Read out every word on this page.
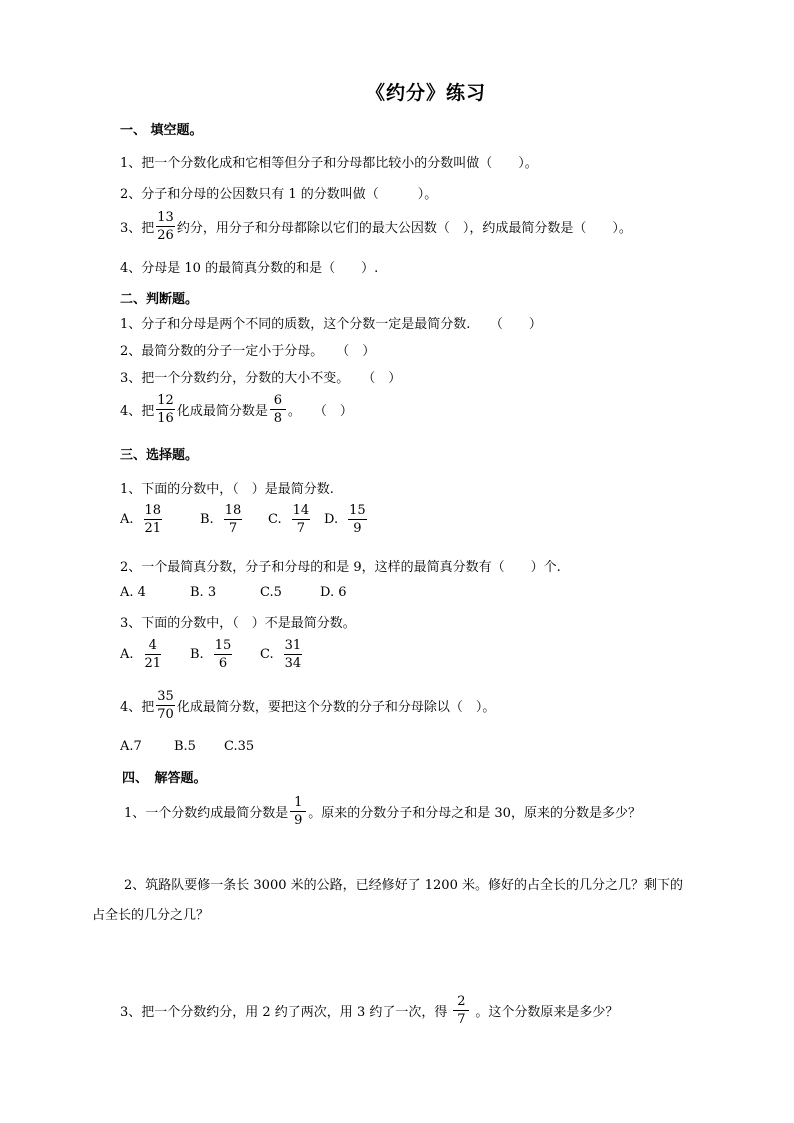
《约分》练习
一、 填空题。
1、把一个分数化成和它相等但分子和分母都比较小的分数叫做（　　）。
2、分子和分母的公因数只有 1 的分数叫做（　　　）。
3、把 $\frac{13}{26}$ 约分，用分子和分母都除以它们的最大公因数（　），约成最简分数是（　　）。
4、分母是 10 的最简真分数的和是（　　）.
二、判断题。
1、分子和分母是两个不同的质数，这个分数一定是最简分数.　　（　　）
2、最简分数的分子一定小于分母。　　（　）
3、把一个分数约分，分数的大小不变。　　（　）
4、把 $\frac{12}{16}$ 化成最简分数是 $\frac{6}{8}$ 。　　（　）
三、选择题。
1、下面的分数中，（　）是最简分数.
A. $\frac{18}{21}$	B. $\frac{18}{7} C$. $\frac{14}{7} D$. $\frac{15}{9}$
2、一个最简真分数，分子和分母的和是 9，这样的最简真分数有（　　）个.
A. 4	B. 3	C.5	D. 6
3、下面的分数中，（　）不是最简分数。
A. $\frac{4}{21} B$. $\frac{15}{6} C$. $\frac{31}{34}$
4、把 $\frac{35}{70}$ 化成最简分数，要把这个分数的分子和分母除以（　）。
A.7	B.5	C.35
四、　解答题。
1、一个分数约成最简分数是 $\frac{1}{9}$ 。原来的分数分子和分母之和是 30，原来的分数是多少？
2、筑路队要修一条长 3000 米的公路，已经修好了 1200 米。修好的占全长的几分之几？剩下的
占全长的几分之几？
3、把一个分数约分，用 2 约了两次，用 3 约了一次，得 $\frac{2}{7}$ 。这个分数原来是多少？
